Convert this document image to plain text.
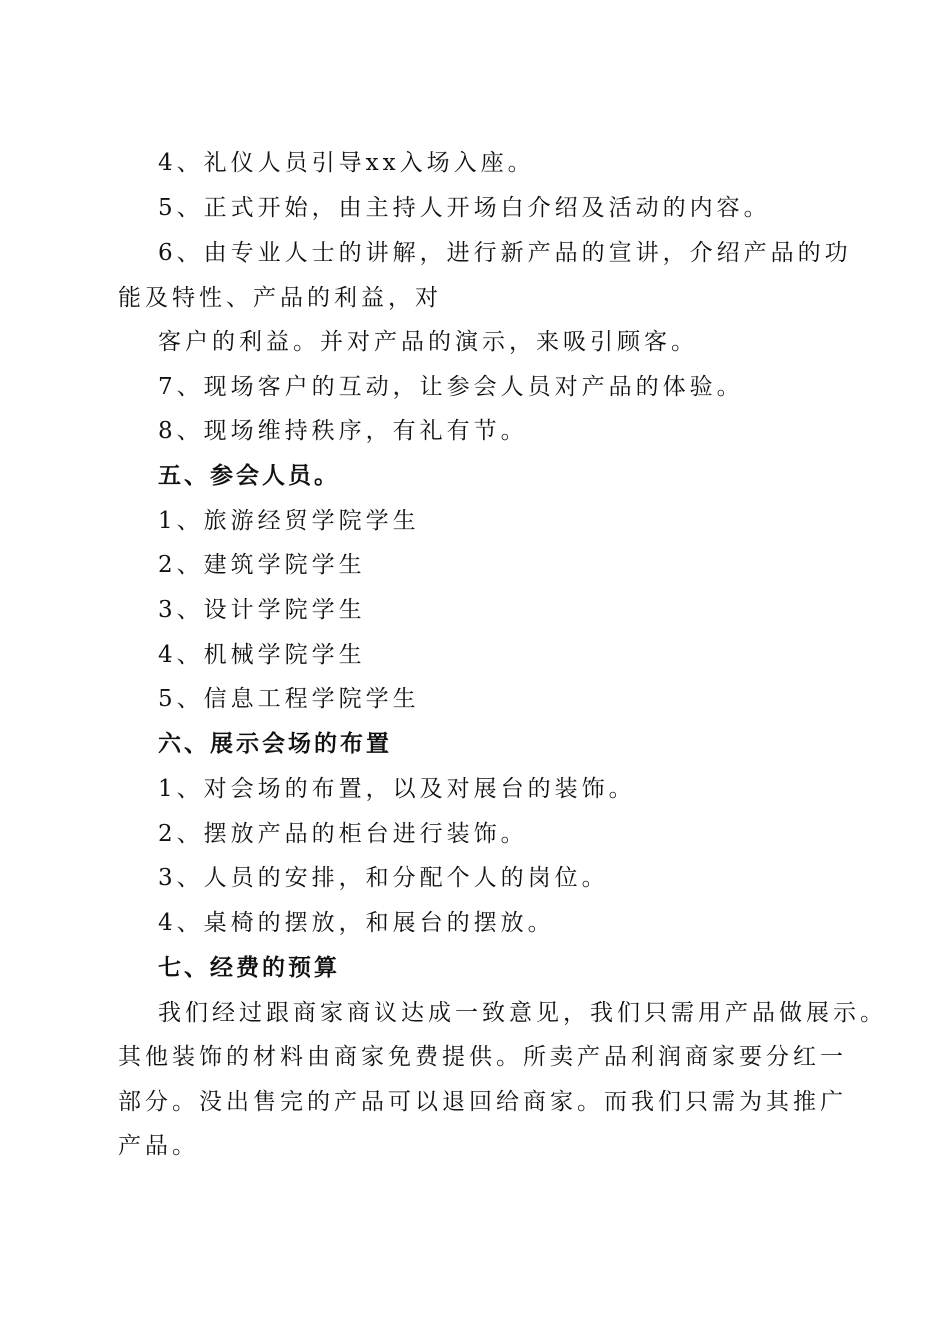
4、礼仪人员引导xx入场入座。
5、正式开始，由主持人开场白介绍及活动的内容。
6、由专业人士的讲解，进行新产品的宣讲，介绍产品的功
能及特性、产品的利益，对
客户的利益。并对产品的演示，来吸引顾客。
7、现场客户的互动，让参会人员对产品的体验。
8、现场维持秩序，有礼有节。
五、参会人员。
1、旅游经贸学院学生
2、建筑学院学生
3、设计学院学生
4、机械学院学生
5、信息工程学院学生
六、展示会场的布置
1、对会场的布置，以及对展台的装饰。
2、摆放产品的柜台进行装饰。
3、人员的安排，和分配个人的岗位。
4、桌椅的摆放，和展台的摆放。
七、经费的预算
我们经过跟商家商议达成一致意见，我们只需用产品做展示。
其他装饰的材料由商家免费提供。所卖产品利润商家要分红一
部分。没出售完的产品可以退回给商家。而我们只需为其推广
产品。
